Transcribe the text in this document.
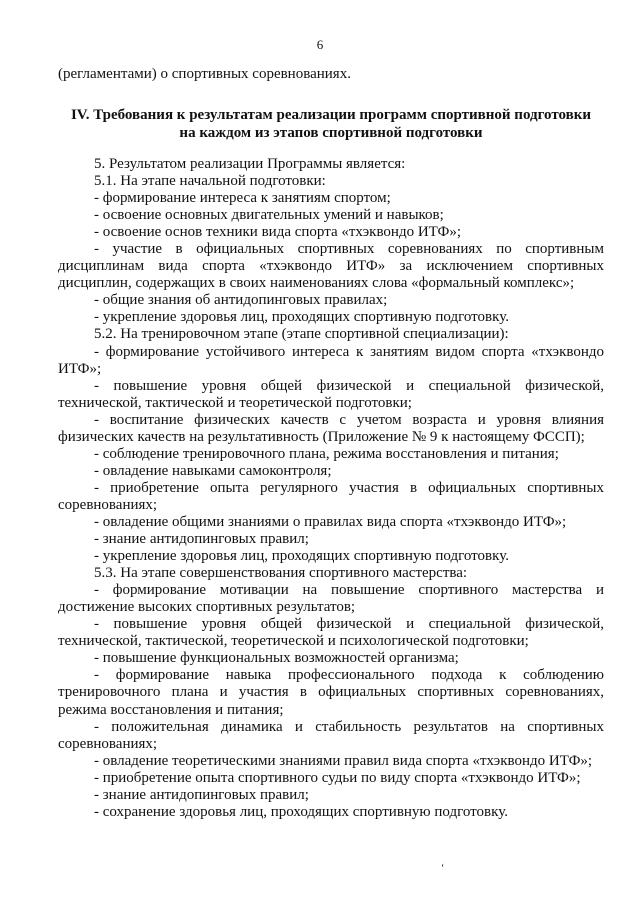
6
(регламентами) о спортивных соревнованиях.
IV. Требования к результатам реализации программ спортивной подготовки
на каждом из этапов спортивной подготовки

5. Результатом реализации Программы является:

5.1. На этапе начальной подготовки:

- формирование интереса к занятиям спортом;

- освоение основных двигательных умений и навыков;

- освоение основ техники вида спорта «тхэквондо ИТФ»;

- участие в официальных спортивных соревнованиях по спортивным дисциплинам вида спорта «тхэквондо ИТФ» за исключением спортивных дисциплин, содержащих в своих наименованиях слова «формальный комплекс»;

- общие знания об антидопинговых правилах;

- укрепление здоровья лиц, проходящих спортивную подготовку.

5.2. На тренировочном этапе (этапе спортивной специализации):

- формирование устойчивого интереса к занятиям видом спорта «тхэквондо ИТФ»;

- повышение уровня общей физической и специальной физической, технической, тактической и теоретической подготовки;

- воспитание физических качеств с учетом возраста и уровня влияния физических качеств на результативность (Приложение № 9 к настоящему ФССП);

- соблюдение тренировочного плана, режима восстановления и питания;

- овладение навыками самоконтроля;

- приобретение опыта регулярного участия в официальных спортивных соревнованиях;

- овладение общими знаниями о правилах вида спорта «тхэквондо ИТФ»;

- знание антидопинговых правил;

- укрепление здоровья лиц, проходящих спортивную подготовку.

5.3. На этапе совершенствования спортивного мастерства:

- формирование мотивации на повышение спортивного мастерства и достижение высоких спортивных результатов;

- повышение уровня общей физической и специальной физической, технической, тактической, теоретической и психологической подготовки;

- повышение функциональных возможностей организма;

- формирование навыка профессионального подхода к соблюдению тренировочного плана и участия в официальных спортивных соревнованиях, режима восстановления и питания;

- положительная динамика и стабильность результатов на спортивных соревнованиях;

- овладение теоретическими знаниями правил вида спорта «тхэквондо ИТФ»;

- приобретение опыта спортивного судьи по виду спорта «тхэквондо ИТФ»;

- знание антидопинговых правил;

- сохранение здоровья лиц, проходящих спортивную подготовку.

ʻ
